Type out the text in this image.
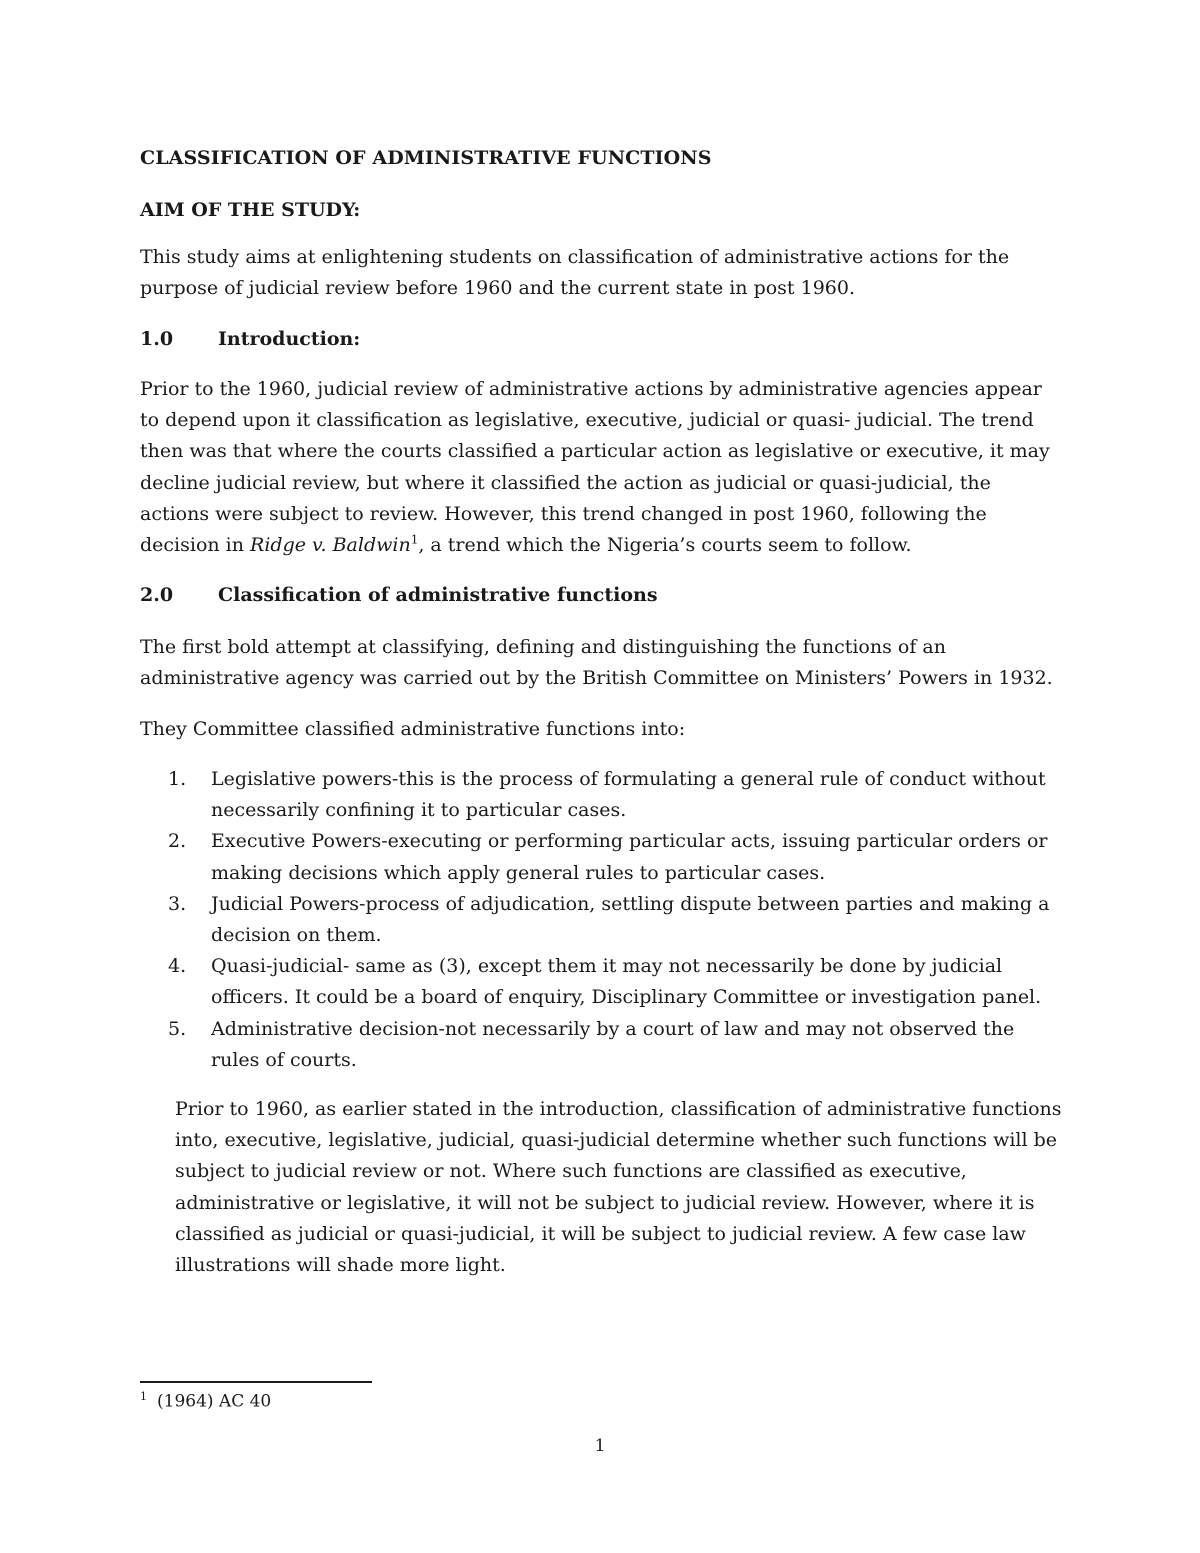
CLASSIFICATION OF ADMINISTRATIVE FUNCTIONS
AIM OF THE STUDY:

This study aims at enlightening students on classification of administrative actions for the purpose of judicial review before 1960 and the current state in post 1960.

1.0 Introduction:

Prior to the 1960, judicial review of administrative actions by administrative agencies appear to depend upon it classification as legislative, executive, judicial or quasi- judicial. The trend then was that where the courts classified a particular action as legislative or executive, it may decline judicial review, but where it classified the action as judicial or quasi-judicial, the actions were subject to review. However, this trend changed in post 1960, following the decision in Ridge v. Baldwin$^1$, a trend which the Nigeria’s courts seem to follow.

2.0 Classification of administrative functions

The first bold attempt at classifying, defining and distinguishing the functions of an administrative agency was carried out by the British Committee on Ministers’ Powers in 1932.

They Committee classified administrative functions into:

1. Legislative powers-this is the process of formulating a general rule of conduct without necessarily confining it to particular cases.
2. Executive Powers-executing or performing particular acts, issuing particular orders or making decisions which apply general rules to particular cases.
3. Judicial Powers-process of adjudication, settling dispute between parties and making a decision on them.
4. Quasi-judicial- same as (3), except them it may not necessarily be done by judicial officers. It could be a board of enquiry, Disciplinary Committee or investigation panel.
5. Administrative decision-not necessarily by a court of law and may not observed the rules of courts.

Prior to 1960, as earlier stated in the introduction, classification of administrative functions into, executive, legislative, judicial, quasi-judicial determine whether such functions will be subject to judicial review or not. Where such functions are classified as executive, administrative or legislative, it will not be subject to judicial review. However, where it is classified as judicial or quasi-judicial, it will be subject to judicial review. A few case law illustrations will shade more light.

$^1$ (1964) AC 40
1
